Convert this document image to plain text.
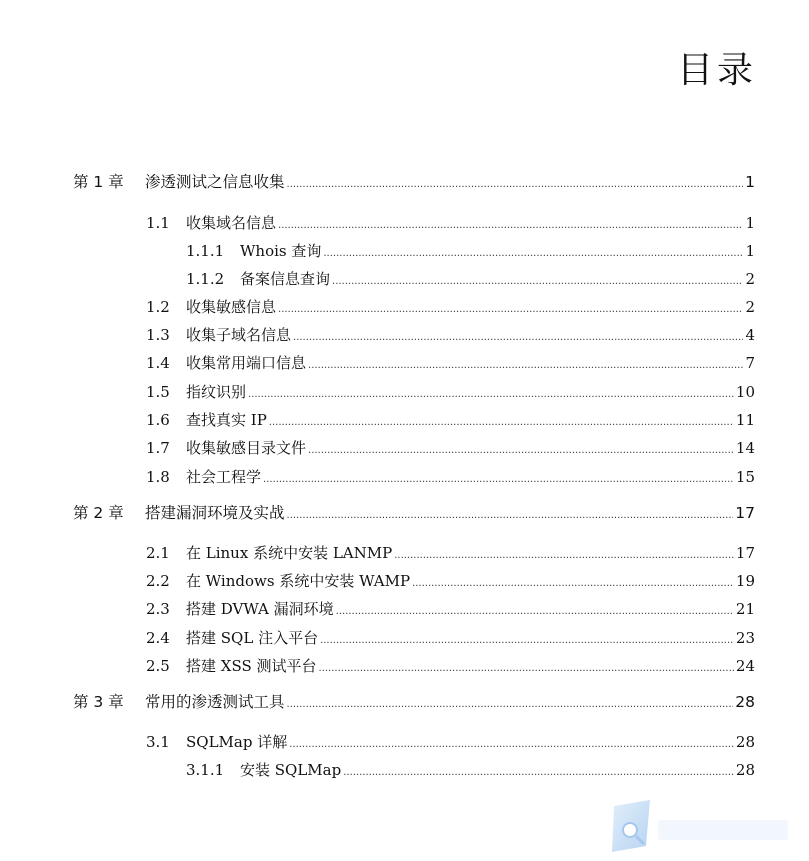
目录
第 1 章	渗透测试之信息收集 .....	1
1.1	收集域名信息 .....	1
1.1.1	Whois 查询 .....	1
1.1.2	备案信息查询 .....	2
1.2	收集敏感信息 .....	2
1.3	收集子域名信息 .....	4
1.4	收集常用端口信息 .....	7
1.5	指纹识别 .....	10
1.6	查找真实 IP .....	11
1.7	收集敏感目录文件 .....	14
1.8	社会工程学 .....	15
第 2 章	搭建漏洞环境及实战 .....	17
2.1	在 Linux 系统中安装 LANMP .....	17
2.2	在 Windows 系统中安装 WAMP .....	19
2.3	搭建 DVWA 漏洞环境 .....	21
2.4	搭建 SQL 注入平台 .....	23
2.5	搭建 XSS 测试平台 .....	24
第 3 章	常用的渗透测试工具 .....	28
3.1	SQLMap 详解 .....	28
3.1.1	安装 SQLMap .....	28
